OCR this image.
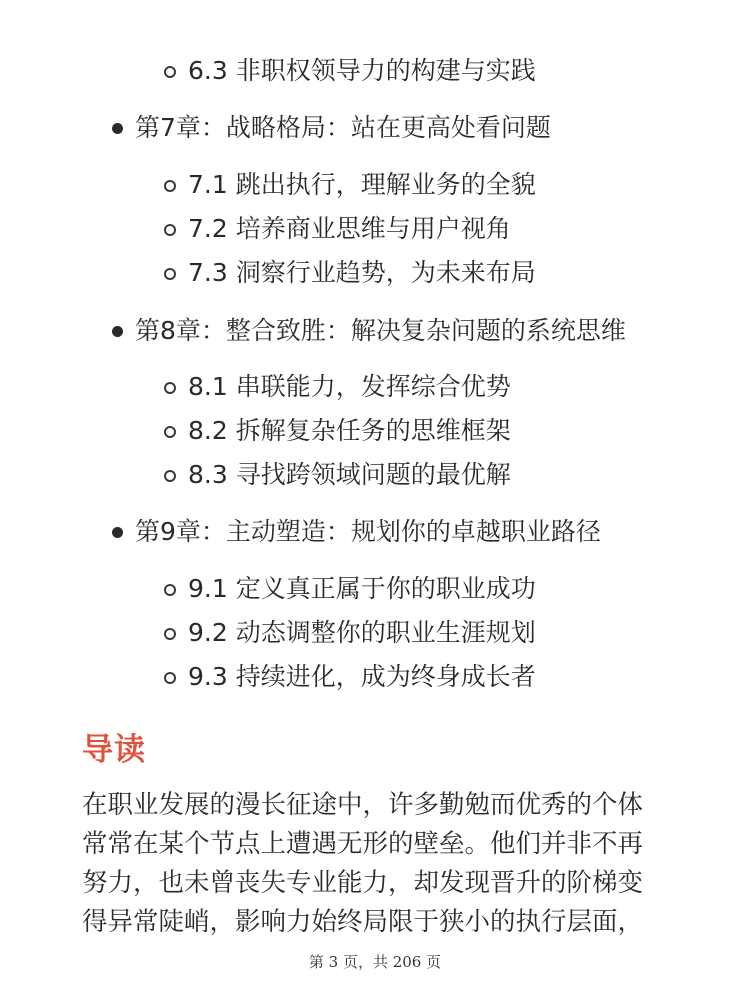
6.3 非职权领导力的构建与实践
第7章：战略格局：站在更高处看问题
7.1 跳出执行，理解业务的全貌
7.2 培养商业思维与用户视角
7.3 洞察行业趋势，为未来布局
第8章：整合致胜：解决复杂问题的系统思维
8.1 串联能力，发挥综合优势
8.2 拆解复杂任务的思维框架
8.3 寻找跨领域问题的最优解
第9章：主动塑造：规划你的卓越职业路径
9.1 定义真正属于你的职业成功
9.2 动态调整你的职业生涯规划
9.3 持续进化，成为终身成长者
导读
在职业发展的漫长征途中，许多勤勉而优秀的个体
常常在某个节点上遭遇无形的壁垒。他们并非不再
努力，也未曾丧失专业能力，却发现晋升的阶梯变
得异常陡峭，影响力始终局限于狭小的执行层面，
第 3 页，共 206 页
